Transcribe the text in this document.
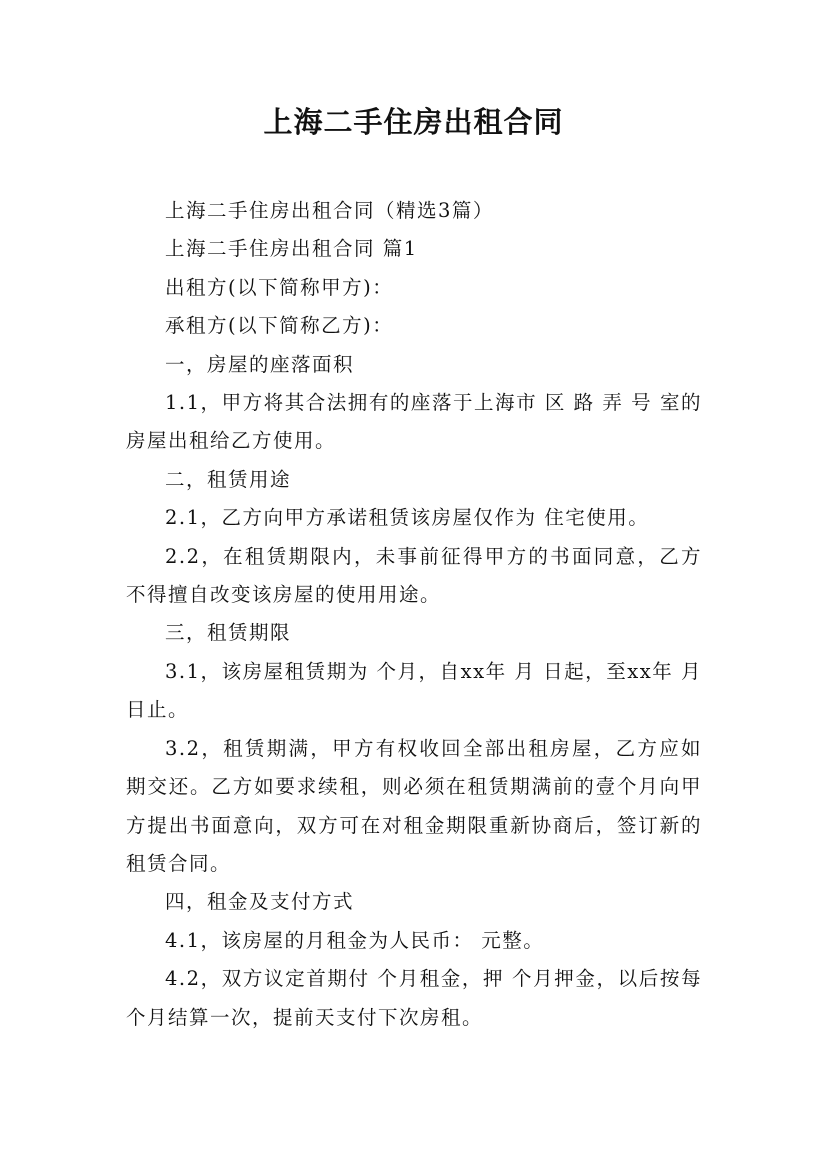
上海二手住房出租合同

上海二手住房出租合同（精选3篇）

上海二手住房出租合同 篇1

出租方(以下简称甲方)：

承租方(以下简称乙方)：

一，房屋的座落面积

1.1，甲方将其合法拥有的座落于上海市 区 路 弄 号 室的房屋出租给乙方使用。

二，租赁用途

2.1，乙方向甲方承诺租赁该房屋仅作为 住宅使用。

2.2，在租赁期限内，未事前征得甲方的书面同意，乙方不得擅自改变该房屋的使用用途。

三，租赁期限

3.1，该房屋租赁期为 个月，自xx年 月 日起，至xx年 月 日止。

3.2，租赁期满，甲方有权收回全部出租房屋，乙方应如期交还。乙方如要求续租，则必须在租赁期满前的壹个月向甲方提出书面意向，双方可在对租金期限重新协商后，签订新的租赁合同。

四，租金及支付方式

4.1，该房屋的月租金为人民币： 元整。

4.2，双方议定首期付 个月租金，押 个月押金，以后按每 个月结算一次，提前天支付下次房租。
